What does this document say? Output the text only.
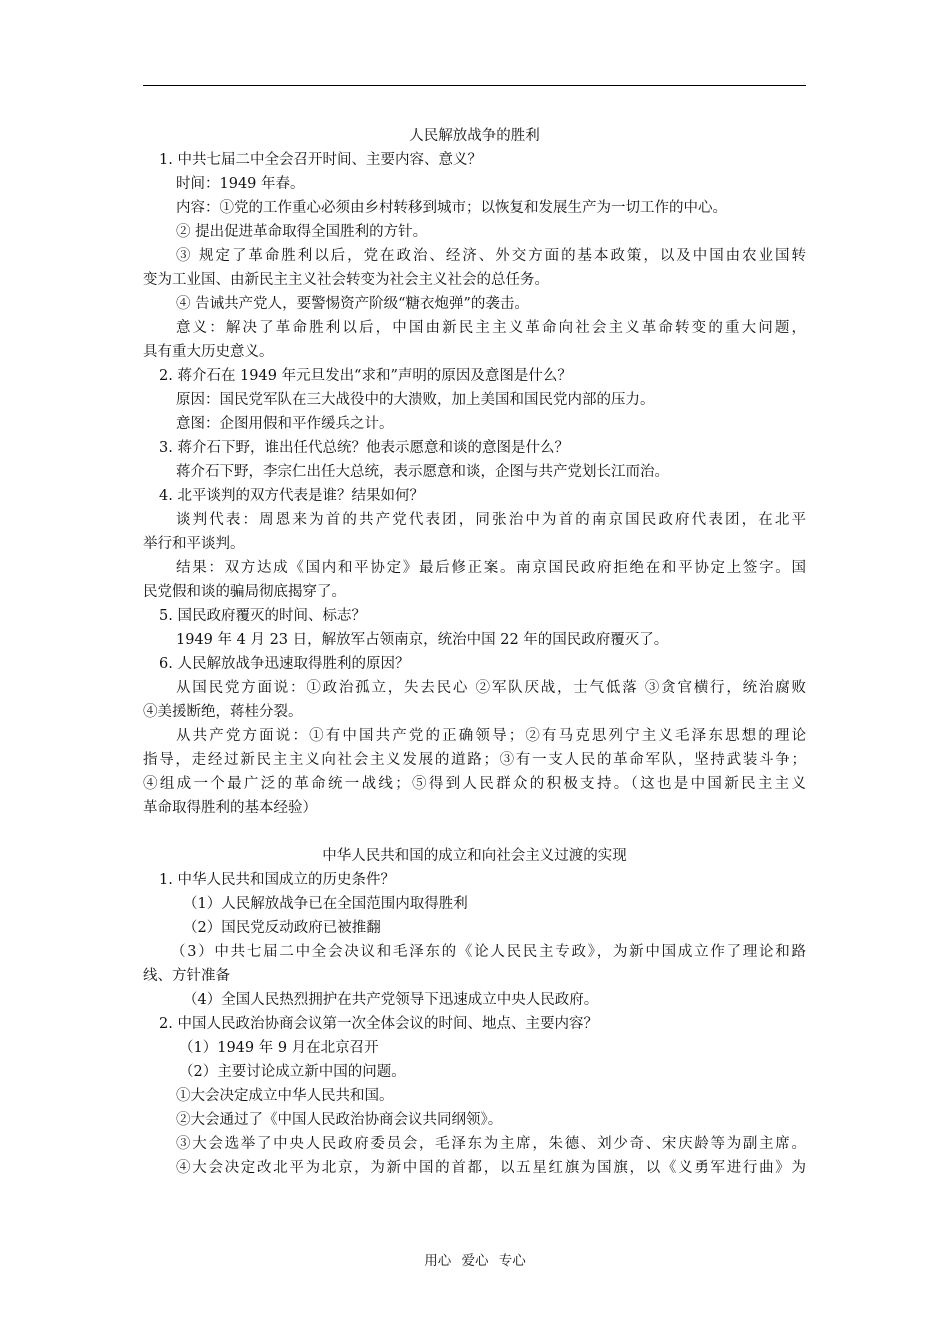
人民解放战争的胜利
1. 中共七届二中全会召开时间、主要内容、意义？
时间：1949 年春。
内容：①党的工作重心必须由乡村转移到城市；以恢复和发展生产为一切工作的中心。
② 提出促进革命取得全国胜利的方针。
③ 规定了革命胜利以后，党在政治、经济、外交方面的基本政策，以及中国由农业国转
变为工业国、由新民主主义社会转变为社会主义社会的总任务。
④ 告诫共产党人，要警惕资产阶级“糖衣炮弹”的袭击。
意义：解决了革命胜利以后，中国由新民主主义革命向社会主义革命转变的重大问题，
具有重大历史意义。
2. 蒋介石在 1949 年元旦发出“求和”声明的原因及意图是什么？
原因：国民党军队在三大战役中的大溃败，加上美国和国民党内部的压力。
意图：企图用假和平作缓兵之计。
3. 蒋介石下野，谁出任代总统？他表示愿意和谈的意图是什么？
蒋介石下野，李宗仁出任大总统，表示愿意和谈，企图与共产党划长江而治。
4. 北平谈判的双方代表是谁？结果如何？
谈判代表：周恩来为首的共产党代表团，同张治中为首的南京国民政府代表团，在北平
举行和平谈判。
结果：双方达成《国内和平协定》最后修正案。南京国民政府拒绝在和平协定上签字。国
民党假和谈的骗局彻底揭穿了。
5. 国民政府覆灭的时间、标志？
1949 年 4 月 23 日，解放军占领南京，统治中国 22 年的国民政府覆灭了。
6. 人民解放战争迅速取得胜利的原因？
从国民党方面说：①政治孤立，失去民心 ②军队厌战，士气低落 ③贪官横行，统治腐败
④美援断绝，蒋桂分裂。
从共产党方面说：①有中国共产党的正确领导；②有马克思列宁主义毛泽东思想的理论
指导，走经过新民主主义向社会主义发展的道路；③有一支人民的革命军队，坚持武装斗争；
④组成一个最广泛的革命统一战线；⑤得到人民群众的积极支持。（这也是中国新民主主义
革命取得胜利的基本经验）
中华人民共和国的成立和向社会主义过渡的实现
1. 中华人民共和国成立的历史条件？
（1）人民解放战争已在全国范围内取得胜利
（2）国民党反动政府已被推翻
（3）中共七届二中全会决议和毛泽东的《论人民民主专政》，为新中国成立作了理论和路
线、方针准备
（4）全国人民热烈拥护在共产党领导下迅速成立中央人民政府。
2. 中国人民政治协商会议第一次全体会议的时间、地点、主要内容？
（1）1949 年 9 月在北京召开
（2）主要讨论成立新中国的问题。
①大会决定成立中华人民共和国。
②大会通过了《中国人民政治协商会议共同纲领》。
③大会选举了中央人民政府委员会，毛泽东为主席，朱德、刘少奇、宋庆龄等为副主席。
④大会决定改北平为北京，为新中国的首都，以五星红旗为国旗，以《义勇军进行曲》为
用心 爱心 专心
